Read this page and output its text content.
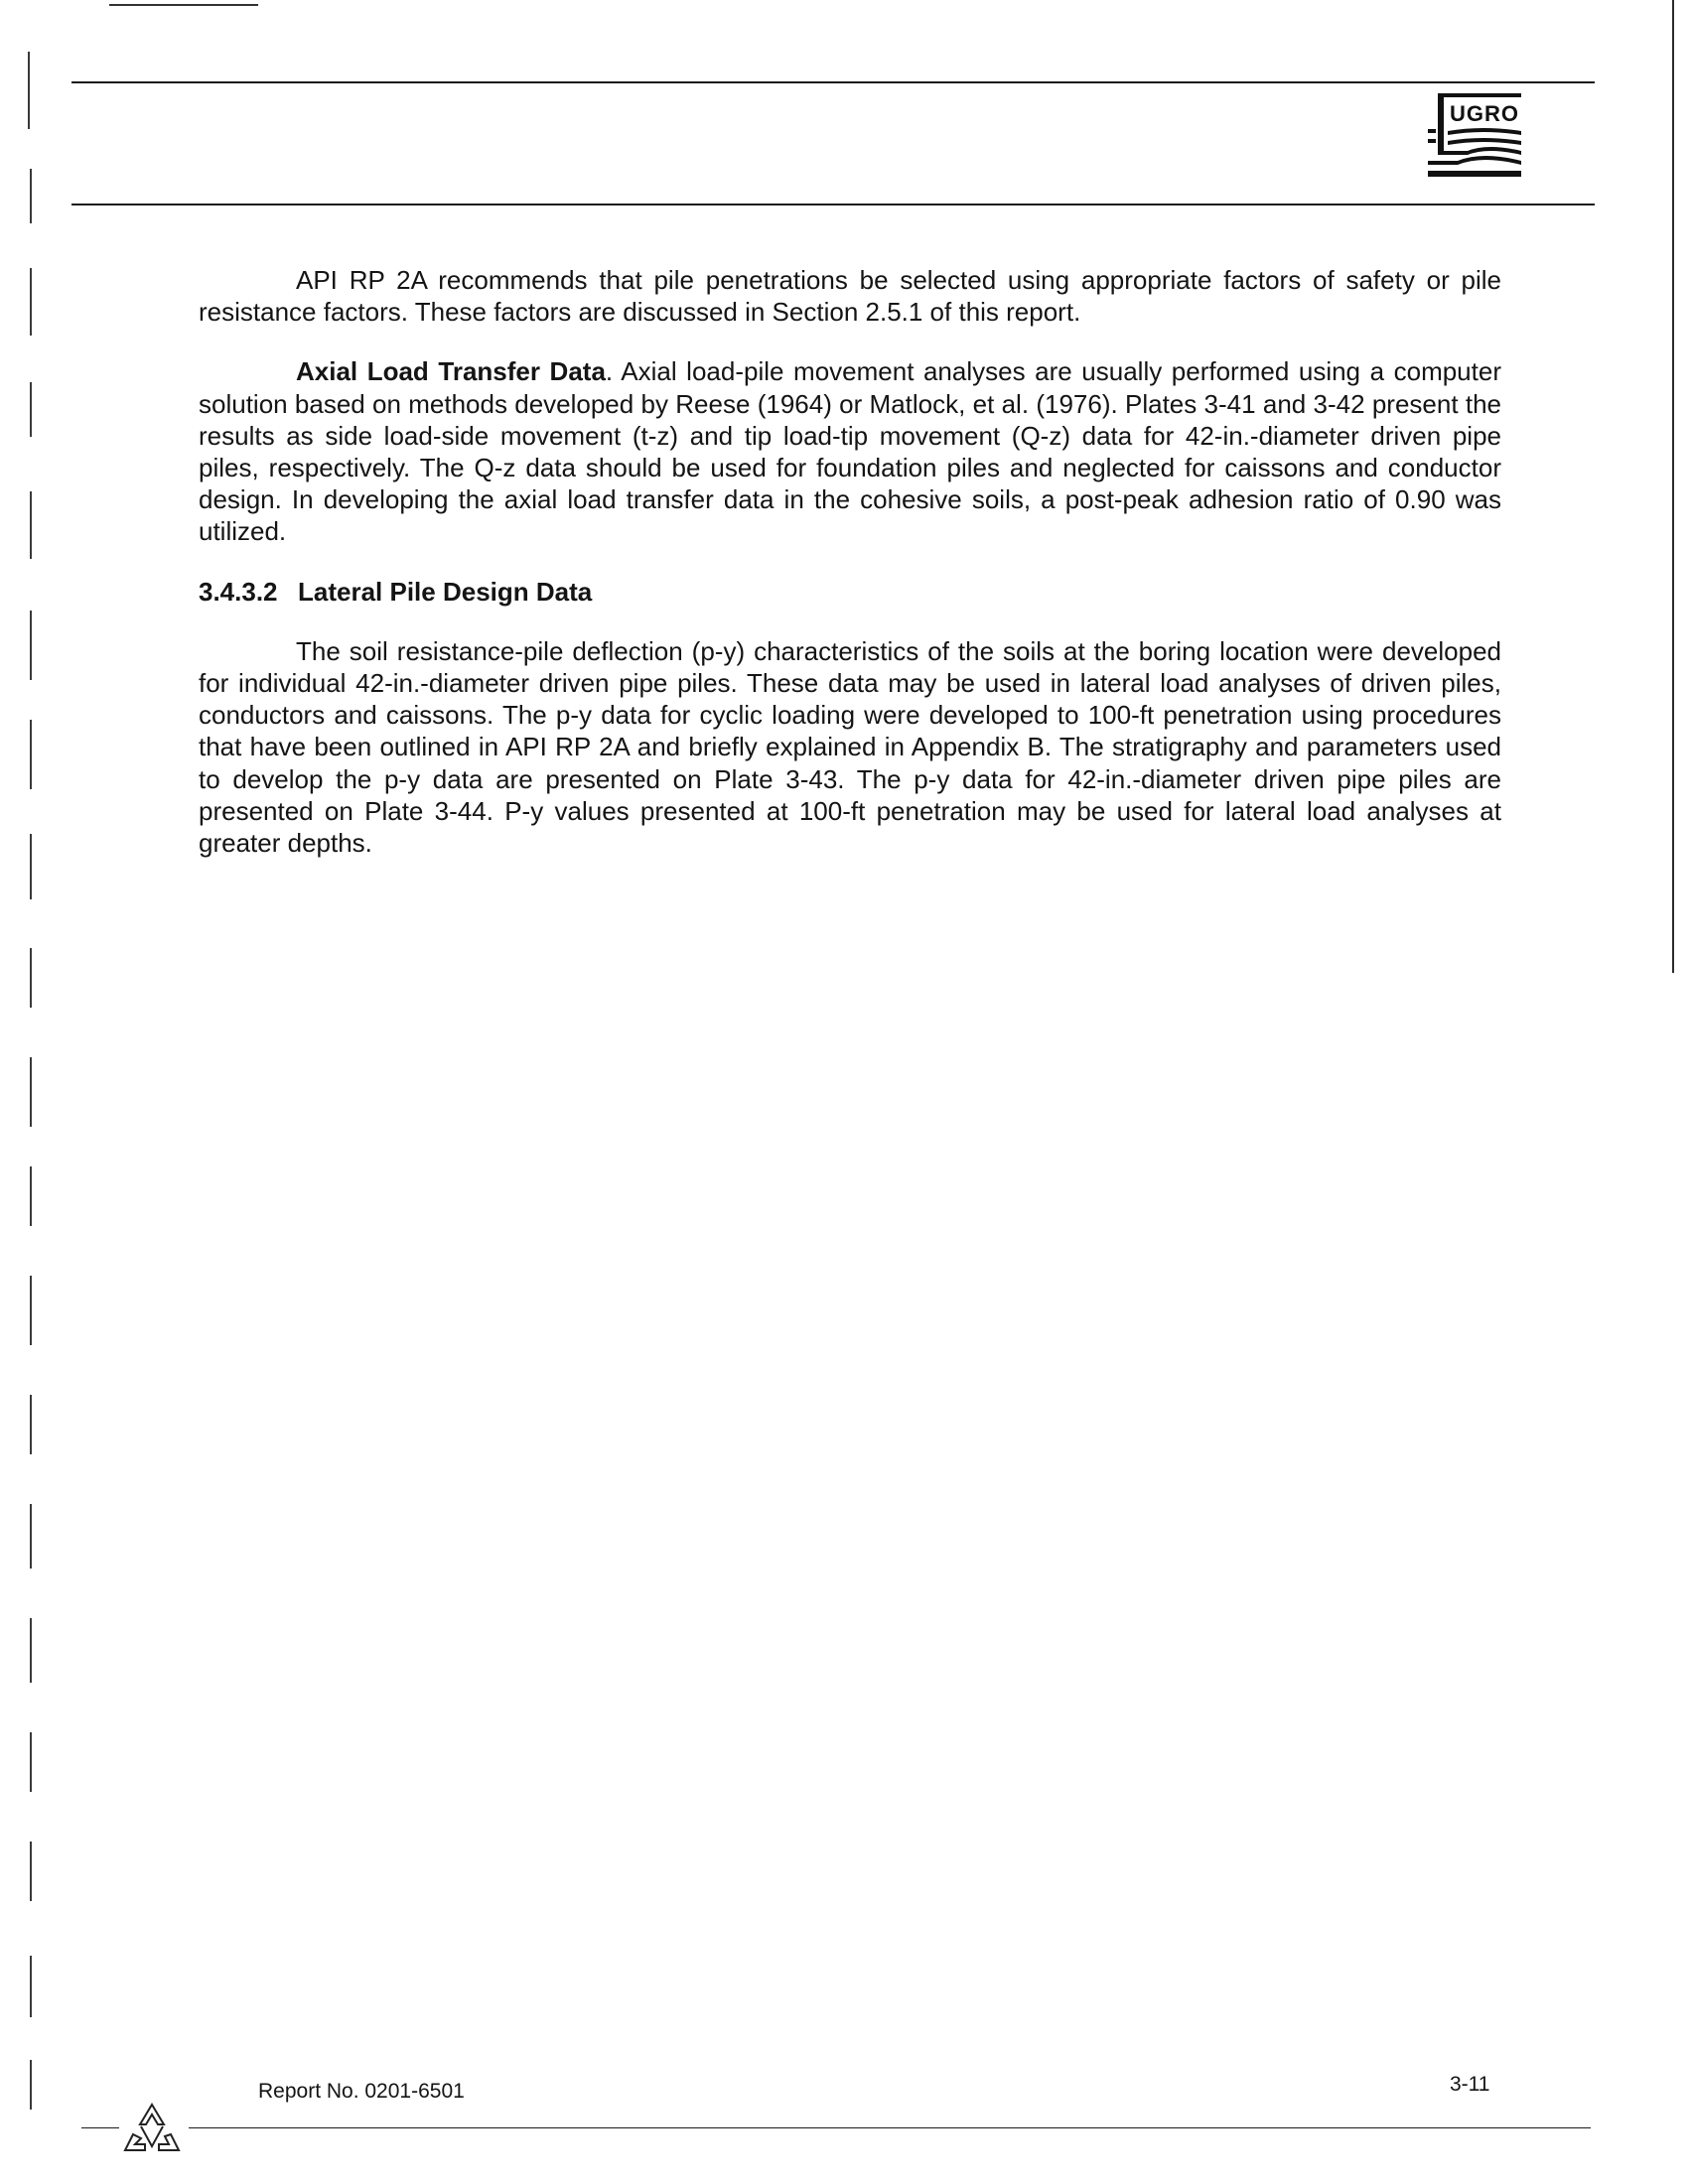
UGRO

API RP 2A recommends that pile penetrations be selected using appropriate factors of safety or pile resistance factors. These factors are discussed in Section 2.5.1 of this report.

Axial Load Transfer Data. Axial load-pile movement analyses are usually performed using a computer solution based on methods developed by Reese (1964) or Matlock, et al. (1976). Plates 3-41 and 3-42 present the results as side load-side movement (t-z) and tip load-tip movement (Q-z) data for 42-in.-diameter driven pipe piles, respectively. The Q-z data should be used for foundation piles and neglected for caissons and conductor design. In developing the axial load transfer data in the cohesive soils, a post-peak adhesion ratio of 0.90 was utilized.

3.4.3.2 Lateral Pile Design Data

The soil resistance-pile deflection (p-y) characteristics of the soils at the boring location were developed for individual 42-in.-diameter driven pipe piles. These data may be used in lateral load analyses of driven piles, conductors and caissons. The p-y data for cyclic loading were developed to 100-ft penetration using procedures that have been outlined in API RP 2A and briefly explained in Appendix B. The stratigraphy and parameters used to develop the p-y data are presented on Plate 3-43. The p-y data for 42-in.-diameter driven pipe piles are presented on Plate 3-44. P-y values presented at 100-ft penetration may be used for lateral load analyses at greater depths.

Report No. 0201-6501	3-11
